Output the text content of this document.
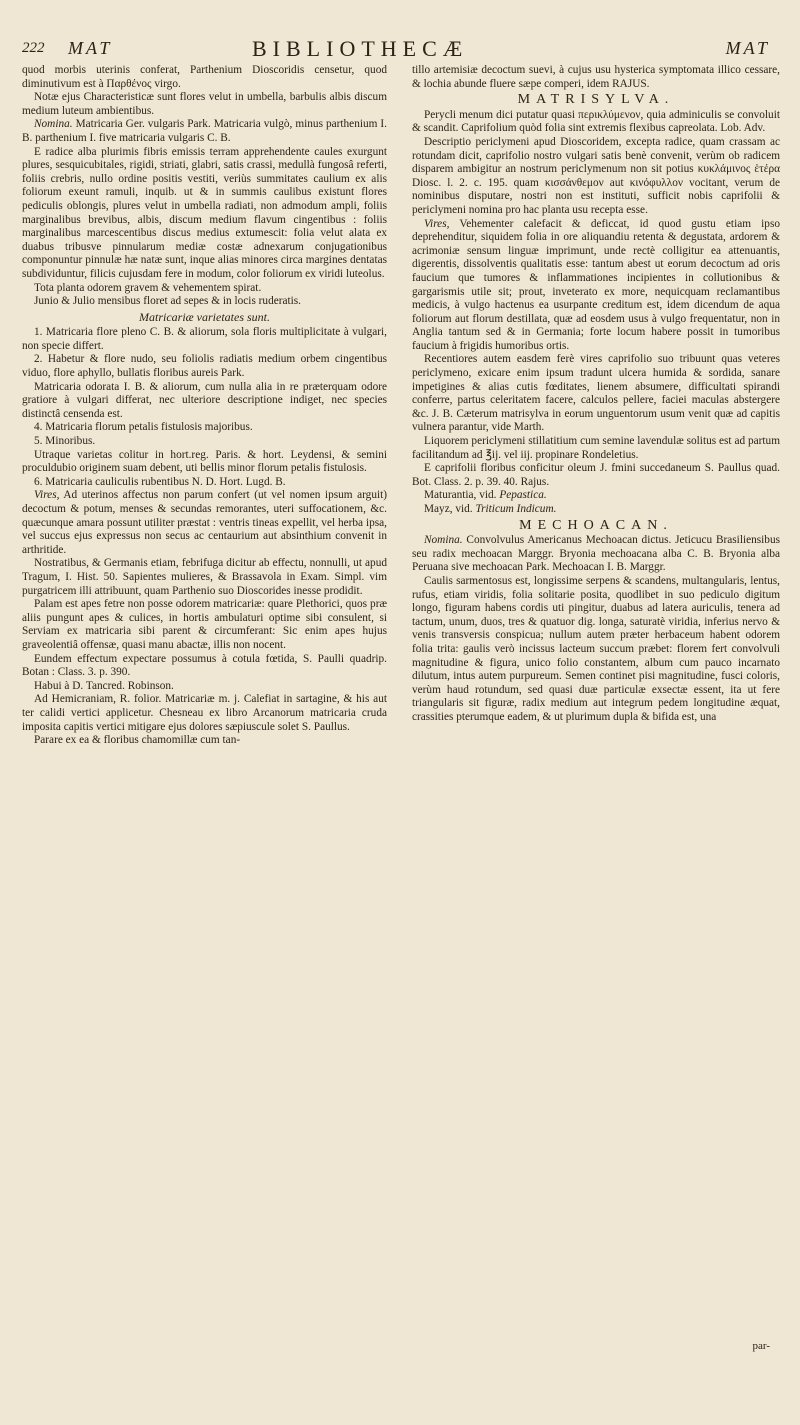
222 MAT	BIBLIOTHECÆ	MAT

quod morbis uterinis conferat, Parthenium Dioscoridis censetur, quod diminutivum est à Παρθένος virgo.

Notæ ejus Characteristicæ sunt flores velut in umbella, barbulis albis discum medium luteum ambientibus.

Nomina. Matricaria Ger. vulgaris Park. Matricaria vulgò, minus parthenium I. B. parthenium I. five matricaria vulgaris C. B.

E radice alba plurimis fibris emissis terram apprehendente caules exurgunt plures, sesquicubitales, rigidi, striati, glabri, satis crassi, medullà fungosâ referti, foliis crebris, nullo ordine positis vestiti, veriùs summitates caulium ex alis foliorum exeunt ramuli, inquib. ut & in summis caulibus existunt flores pediculis oblongis, plures velut in umbella radiati, non admodum ampli, foliis marginalibus brevibus, albis, discum medium flavum cingentibus : foliis marginalibus marcescentibus discus medius extumescit: folia velut alata ex duabus tribusve pinnularum mediæ costæ adnexarum conjugationibus componuntur pinnulæ hæ natæ sunt, inque alias minores circa margines dentatas subdividuntur, filicis cujusdam fere in modum, color foliorum ex viridi luteolus.

Tota planta odorem gravem & vehementem spirat.

Junio & Julio mensibus floret ad sepes & in locis ruderatis.

Matricariæ varietates sunt.

1. Matricaria flore pleno C. B. & aliorum, sola floris multiplicitate à vulgari, non specie differt.

2. Habetur & flore nudo, seu foliolis radiatis medium orbem cingentibus viduo, flore aphyllo, bullatis floribus aureis Park.

Matricaria odorata I. B. & aliorum, cum nulla alia in re præterquam odore gratiore à vulgari differat, nec ulteriore descriptione indiget, nec species distinctâ censenda est.

4. Matricaria florum petalis fistulosis majoribus.

5. Minoribus.

Utraque varietas colitur in hort.reg. Paris. & hort. Leydensi, & semini proculdubio originem suam debent, uti bellis minor florum petalis fistulosis.

6. Matricaria cauliculis rubentibus N. D. Hort. Lugd. B.

Vires, Ad uterinos affectus non parum confert (ut vel nomen ipsum arguit) decoctum & potum, menses & secundas remorantes, uteri suffocationem, &c. quæcunque amara possunt utiliter præstat : ventris tineas expellit, vel herba ipsa, vel succus ejus expressus non secus ac centaurium aut absinthium convenit in arthritide.

Nostratibus, & Germanis etiam, febrifuga dicitur ab effectu, nonnulli, ut apud Tragum, I. Hist. 50. Sapientes mulieres, & Brassavola in Exam. Simpl. vim purgatricem illi attribuunt, quam Parthenio suo Dioscorides inesse prodidit.

Palam est apes fetre non posse odorem matricariæ: quare Plethorici, quos præ aliis pungunt apes & culices, in hortis ambulaturi optime sibi consulent, si Serviam ex matricaria sibi parent & circumferant: Sic enim apes hujus graveolentiâ offensæ, quasi manu abactæ, illis non nocent.

Eundem effectum expectare possumus à cotula fœtida, S. Paulli quadrip. Botan : Class. 3. p. 390.

Habui à D. Tancred. Robinson.

Ad Hemicraniam, R. folior. Matricariæ m. j. Calefiat in sartagine, & his aut ter calidi vertici applicetur. Chesneau ex libro Arcanorum matricaria cruda imposita capitis vertici mitigare ejus dolores sæpiuscule solet S. Paullus.

Parare ex ea & floribus chamomillæ cum tan-

tillo artemisiæ decoctum suevi, à cujus usu hysterica symptomata illico cessare, & lochia abunde fluere sæpe comperi, idem RAJUS.

MATRISYLVA.

Perycli menum dici putatur quasi περικλύμενον, quia adminiculis se convoluit & scandit. Caprifolium quòd folia sint extremis flexibus capreolata. Lob. Adv.

Descriptio periclymeni apud Dioscoridem, excepta radice, quam crassam ac rotundam dicit, caprifolio nostro vulgari satis benè convenit, verùm ob radicem disparem ambigitur an nostrum periclymenum non sit potius κυκλάμινος ἑτέρα Diosc. l. 2. c. 195. quam κισσάνθεμον aut κινόφυλλον vocitant, verum de nominibus disputare, nostri non est instituti, sufficit nobis caprifolii & periclymeni nomina pro hac planta usu recepta esse.

Vires, Vehementer calefacit & deficcat, id quod gustu etiam ipso deprehenditur, siquidem folia in ore aliquandiu retenta & degustata, ardorem & acrimoniæ sensum linguæ imprimunt, unde rectè colligitur ea attenuantis, digerentis, dissolventis qualitatis esse: tantum abest ut eorum decoctum ad oris faucium que tumores & inflammationes incipientes in collutionibus & gargarismis utile sit; prout, inveterato ex more, nequicquam reclamantibus medicis, à vulgo hactenus ea usurpante creditum est, idem dicendum de aqua foliorum aut florum destillata, quæ ad eosdem usus à vulgo frequentatur, non in Anglia tantum sed & in Germania; forte locum habere possit in tumoribus faucium à frigidis humoribus ortis.

Recentiores autem easdem ferè vires caprifolio suo tribuunt quas veteres periclymeno, exicare enim ipsum tradunt ulcera humida & sordida, sanare impetigines & alias cutis fœditates, lienem absumere, difficultati spirandi conferre, partus celeritatem facere, calculos pellere, faciei maculas abstergere &c. J. B. Cæterum matrisylva in eorum unguentorum usum venit quæ ad capitis vulnera parantur, vide Marth.

Liquorem periclymeni stillatitium cum semine lavendulæ solitus est ad partum facilitandum ad ℥ij. vel iij. propinare Rondeletius.

E caprifolii floribus conficitur oleum J. fmini succedaneum S. Paullus quad. Bot. Class. 2. p. 39. 40. Rajus.

Maturantia, vid. Pepastica.

Mayz, vid. Triticum Indicum.

MECHOACAN.

Nomina. Convolvulus Americanus Mechoacan dictus. Jeticucu Brasiliensibus seu radix mechoacan Marggr. Bryonia mechoacana alba C. B. Bryonia alba Peruana sive mechoacan Park. Mechoacan I. B. Marggr.

Caulis sarmentosus est, longissime serpens & scandens, multangularis, lentus, rufus, etiam viridis, folia solitarie posita, quodlibet in suo pediculo digitum longo, figuram habens cordis uti pingitur, duabus ad latera auriculis, tenera ad tactum, unum, duos, tres & quatuor dig. longa, saturatè viridia, inferius nervo & venis transversis conspicua; nullum autem præter herbaceum habent odorem folia trita: gaulis verò incissus lacteum succum præbet: florem fert convolvuli magnitudine & figura, unico folio constantem, album cum pauco incarnato dilutum, intus autem purpureum. Semen continet pisi magnitudine, fusci coloris, verùm haud rotundum, sed quasi duæ particulæ exsectæ essent, ita ut fere triangularis sit figuræ, radix medium aut integrum pedem longitudine æquat, crassities pterumque eadem, & ut plurimum dupla & bifida est, una

par-
